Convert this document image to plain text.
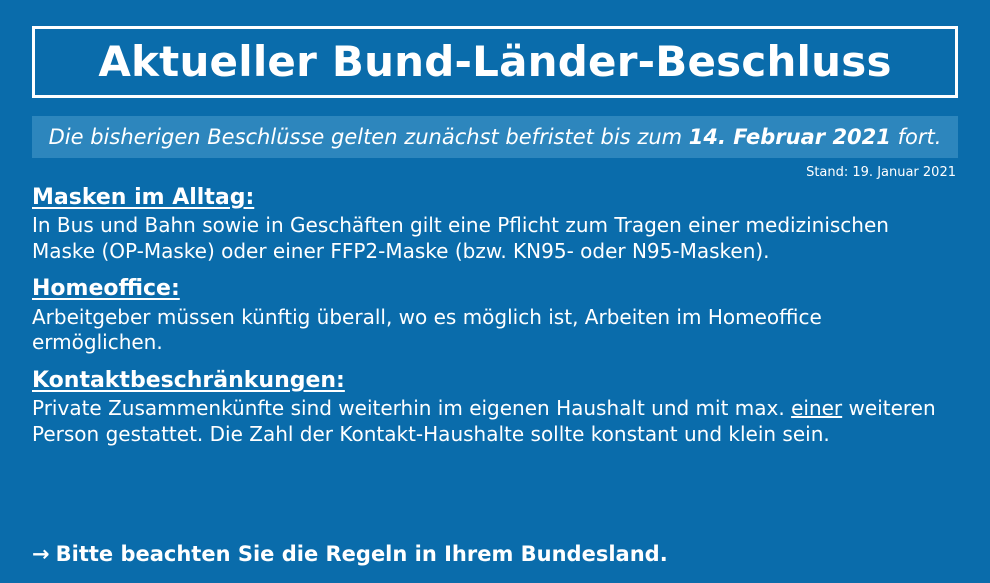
Aktueller Bund-Länder-Beschluss
Die bisherigen Beschlüsse gelten zunächst befristet bis zum 14. Februar 2021 fort.
Stand: 19. Januar 2021
Masken im Alltag:
In Bus und Bahn sowie in Geschäften gilt eine Pflicht zum Tragen einer medizinischen Maske (OP-Maske) oder einer FFP2-Maske (bzw. KN95- oder N95-Masken).
Homeoffice:
Arbeitgeber müssen künftig überall, wo es möglich ist, Arbeiten im Homeoffice ermöglichen.
Kontaktbeschränkungen:
Private Zusammenkünfte sind weiterhin im eigenen Haushalt und mit max. einer weiteren Person gestattet. Die Zahl der Kontakt-Haushalte sollte konstant und klein sein.
→ Bitte beachten Sie die Regeln in Ihrem Bundesland.
